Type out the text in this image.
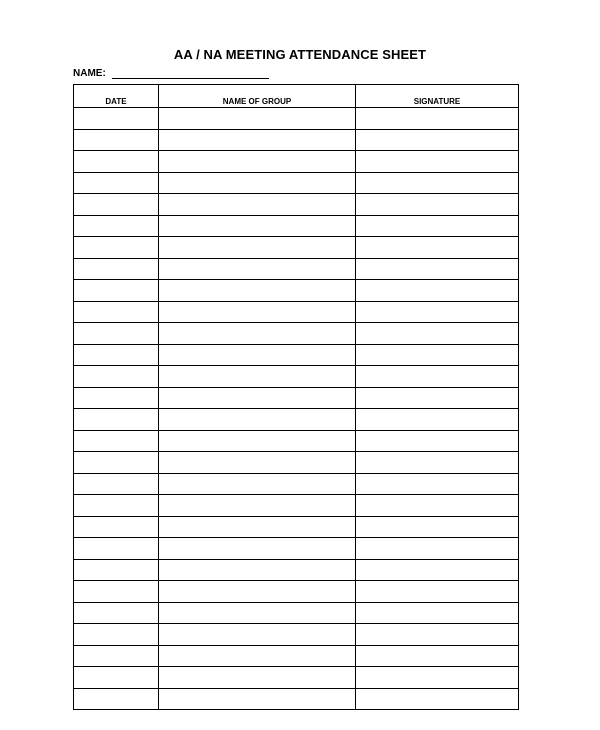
AA / NA MEETING ATTENDANCE SHEET
NAME:
DATE	NAME OF GROUP	SIGNATURE
